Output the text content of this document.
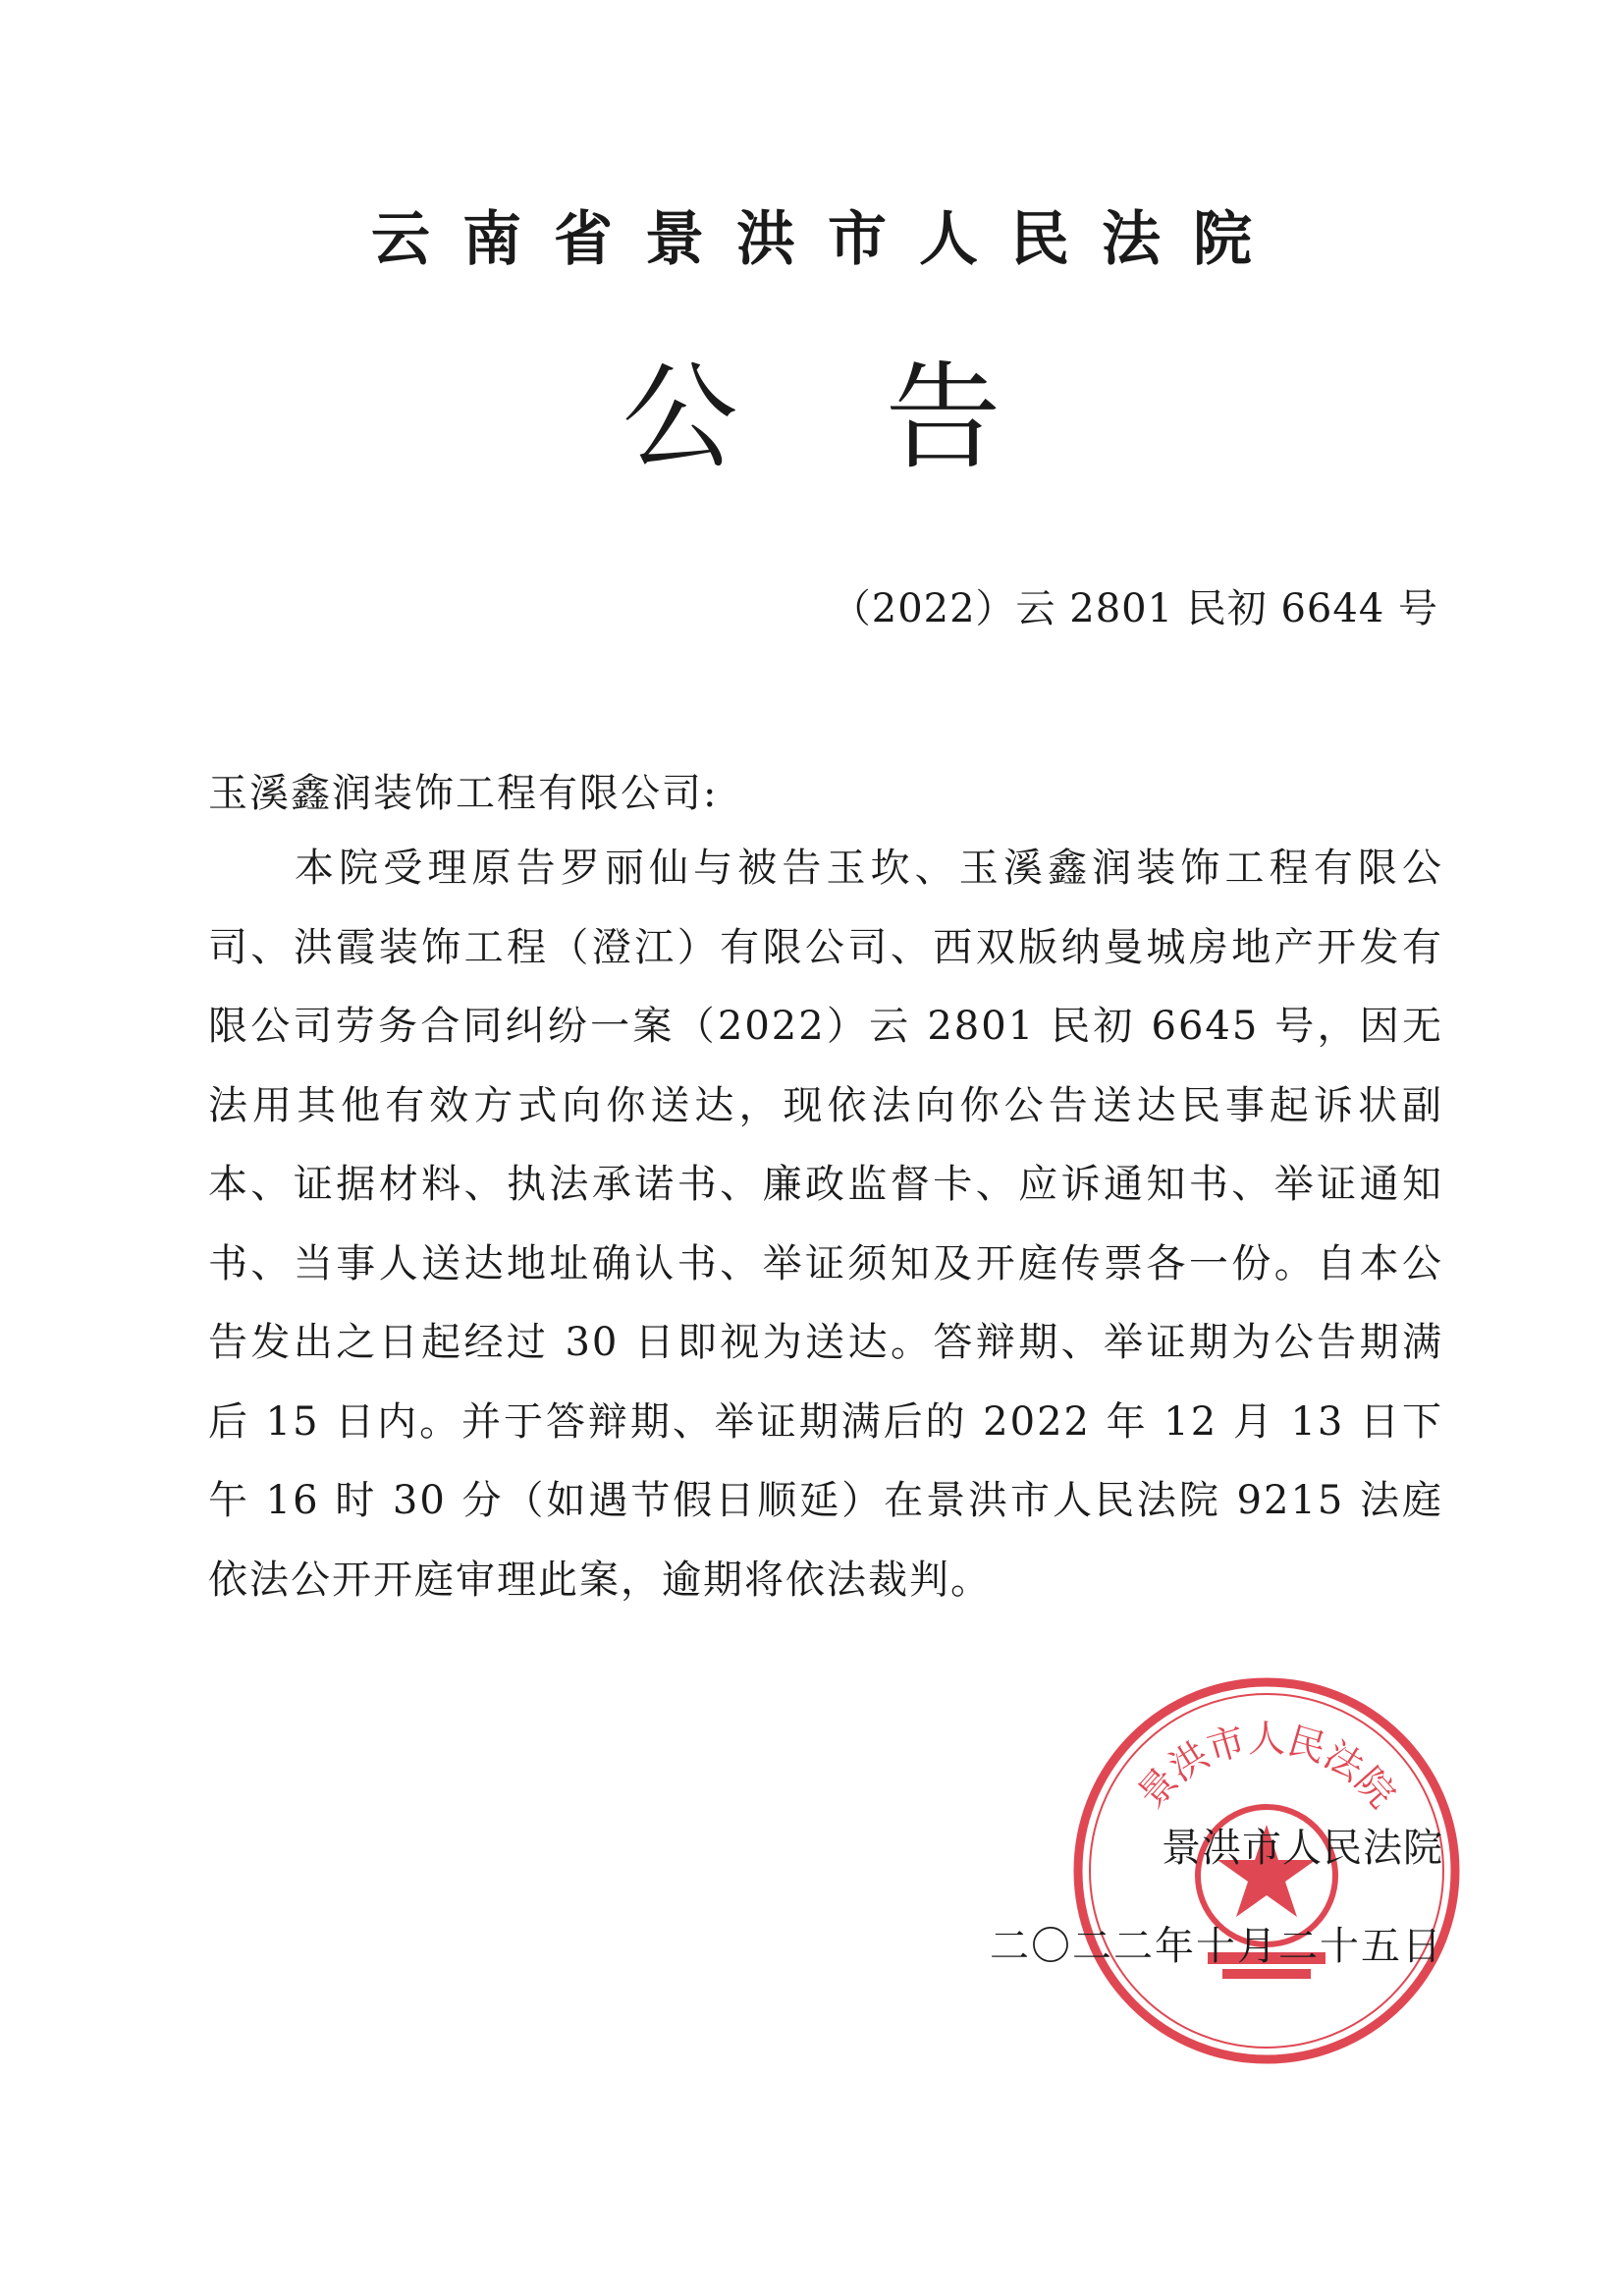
云南省景洪市人民法院
公告
（2022）云 2801 民初 6644 号
玉溪鑫润装饰工程有限公司:

本院受理原告罗丽仙与被告玉坎、玉溪鑫润装饰工程有限公司、洪霞装饰工程（澄江）有限公司、西双版纳曼城房地产开发有限公司劳务合同纠纷一案（2022）云 2801 民初 6645 号，因无法用其他有效方式向你送达，现依法向你公告送达民事起诉状副本、证据材料、执法承诺书、廉政监督卡、应诉通知书、举证通知书、当事人送达地址确认书、举证须知及开庭传票各一份。自本公告发出之日起经过 30 日即视为送达。答辩期、举证期为公告期满后 15 日内。并于答辩期、举证期满后的 2022 年 12 月 13 日下午 16 时 30 分（如遇节假日顺延）在景洪市人民法院 9215 法庭依法公开开庭审理此案，逾期将依法裁判。

景洪市人民法院
景洪市人民法院
二〇二二年十月二十五日
